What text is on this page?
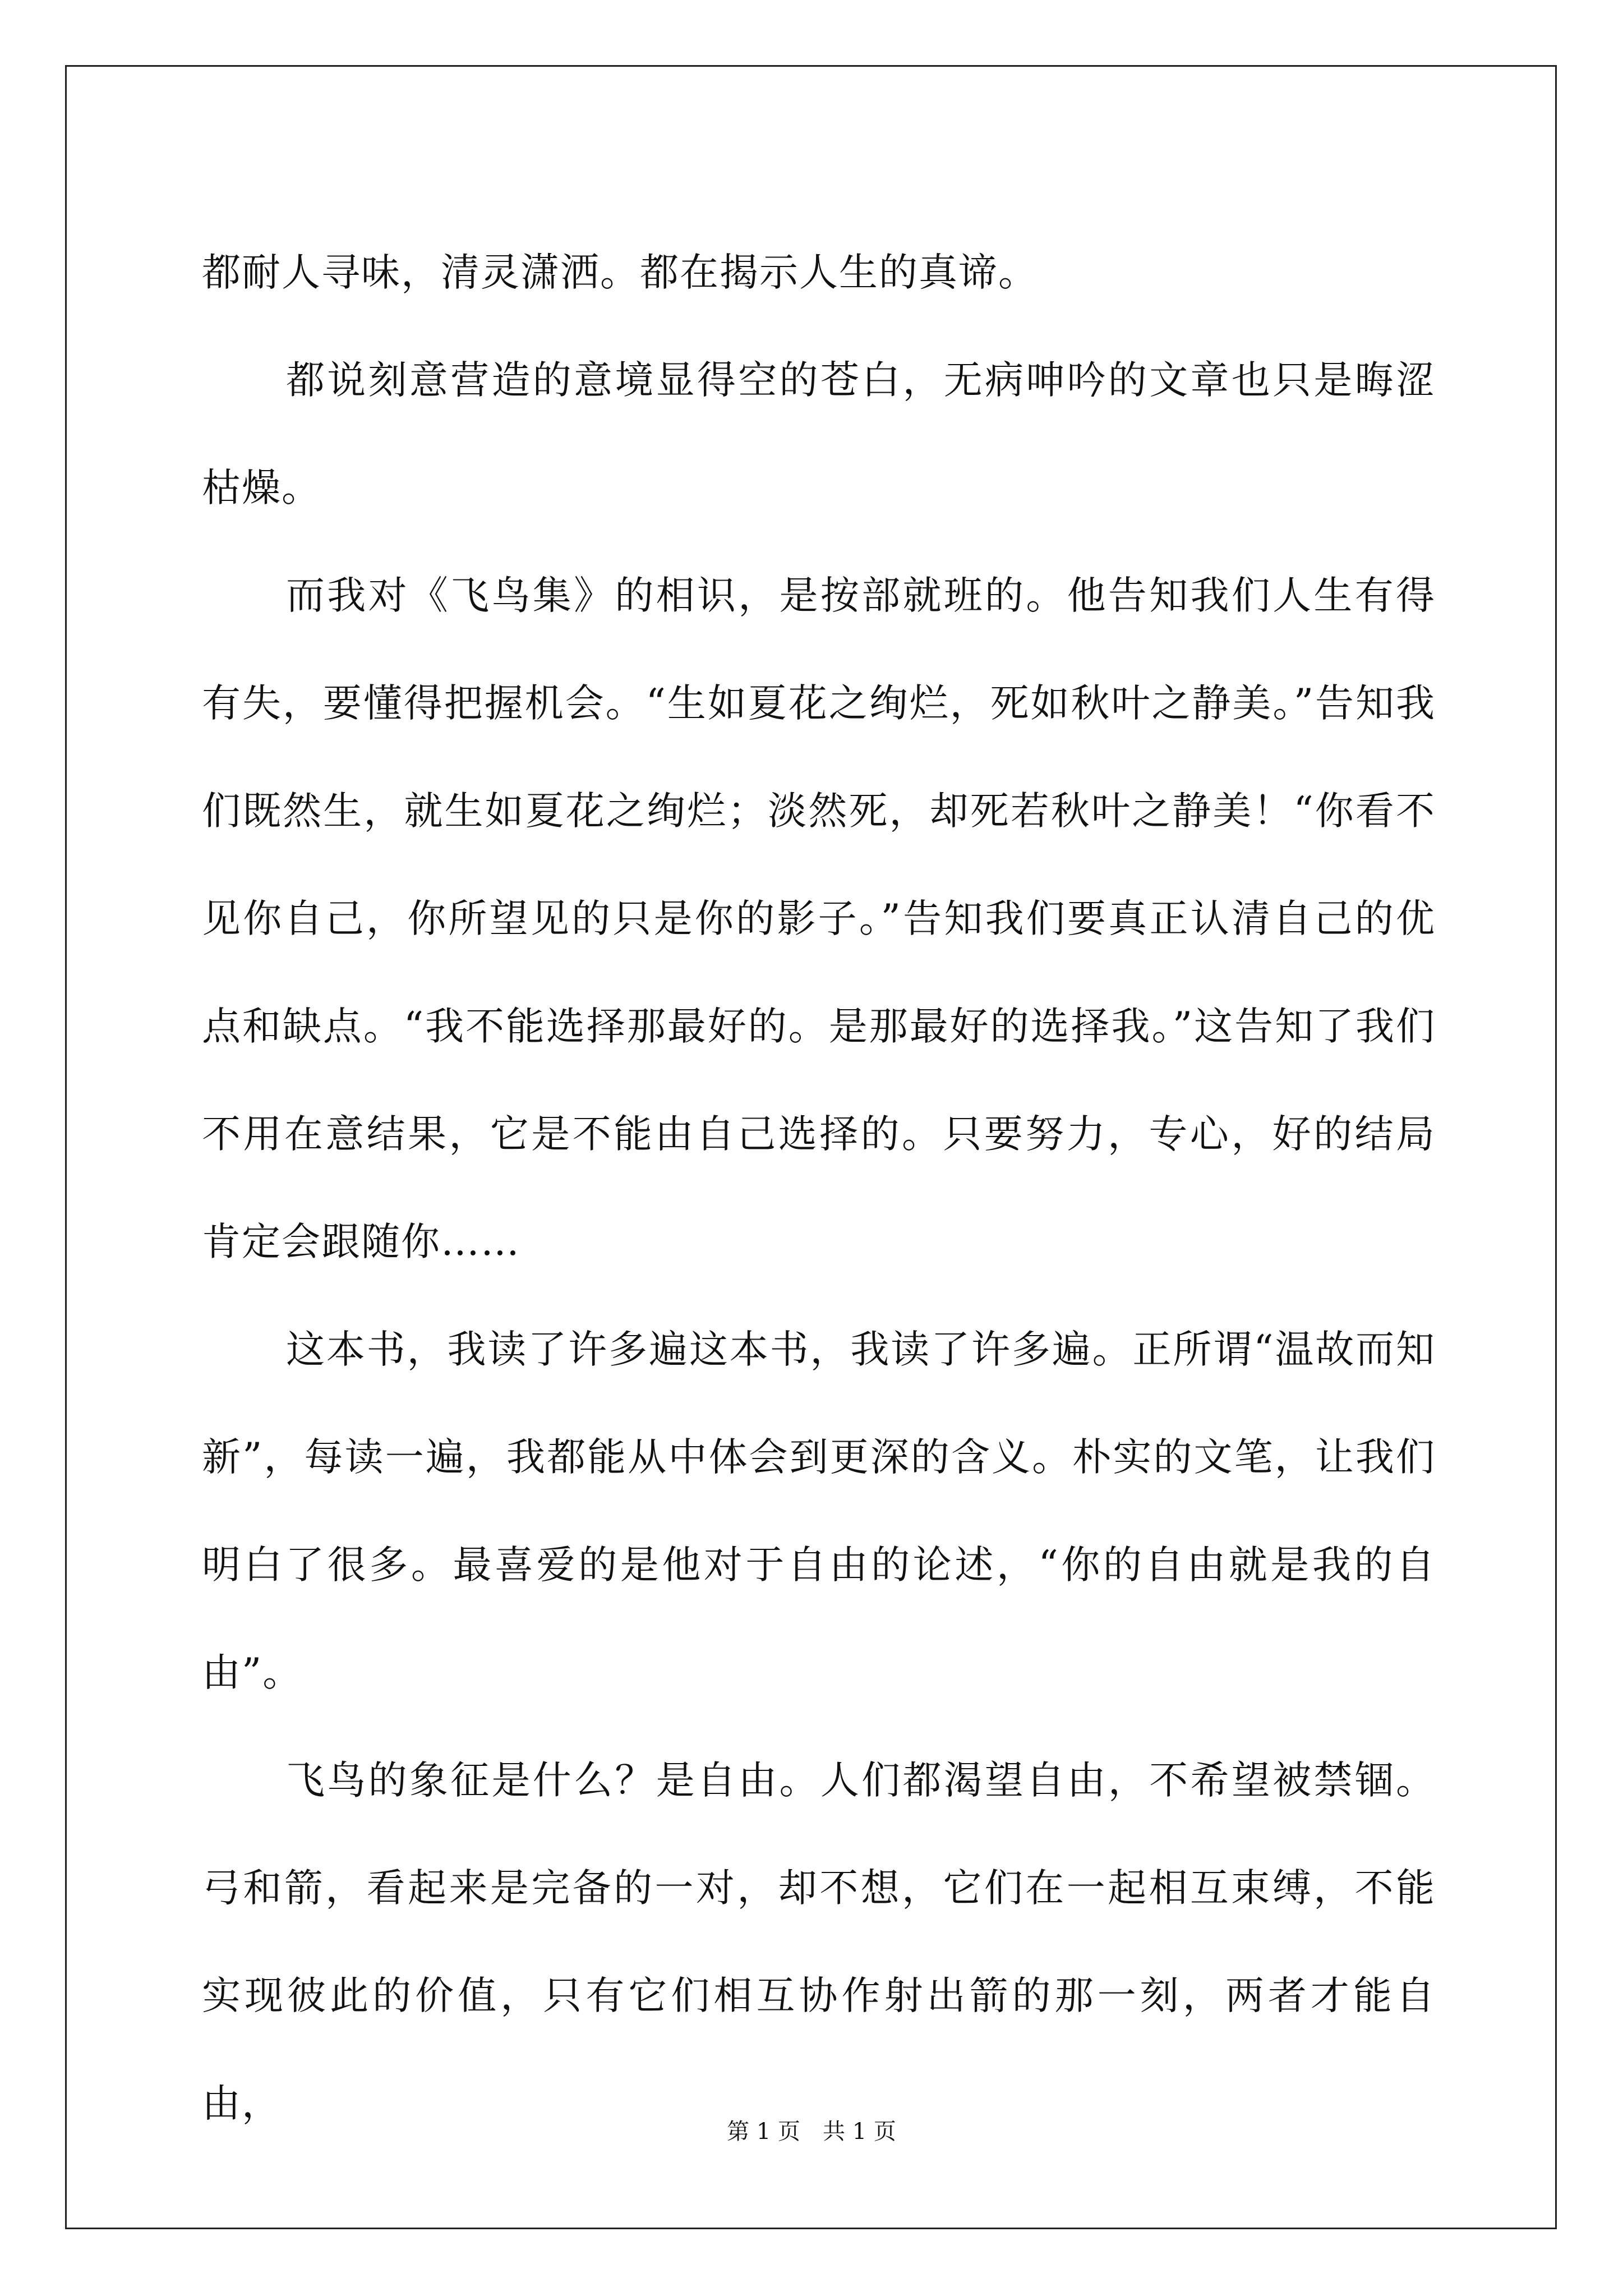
都耐人寻味，清灵潇洒。都在揭示人生的真谛。

都说刻意营造的意境显得空的苍白，无病呻吟的文章也只是晦涩枯燥。

而我对《飞鸟集》的相识，是按部就班的。他告知我们人生有得有失，要懂得把握机会。“生如夏花之绚烂，死如秋叶之静美。”告知我们既然生，就生如夏花之绚烂；淡然死，却死若秋叶之静美！“你看不见你自己，你所望见的只是你的影子。”告知我们要真正认清自己的优点和缺点。“我不能选择那最好的。是那最好的选择我。”这告知了我们不用在意结果，它是不能由自己选择的。只要努力，专心，好的结局肯定会跟随你……

这本书，我读了许多遍这本书，我读了许多遍。正所谓“温故而知新”，每读一遍，我都能从中体会到更深的含义。朴实的文笔，让我们明白了很多。最喜爱的是他对于自由的论述，“你的自由就是我的自由”。

飞鸟的象征是什么？是自由。人们都渴望自由，不希望被禁锢。弓和箭，看起来是完备的一对，却不想，它们在一起相互束缚，不能实现彼此的价值，只有它们相互协作射出箭的那一刻，两者才能自由，

第 1 页　共 1 页
